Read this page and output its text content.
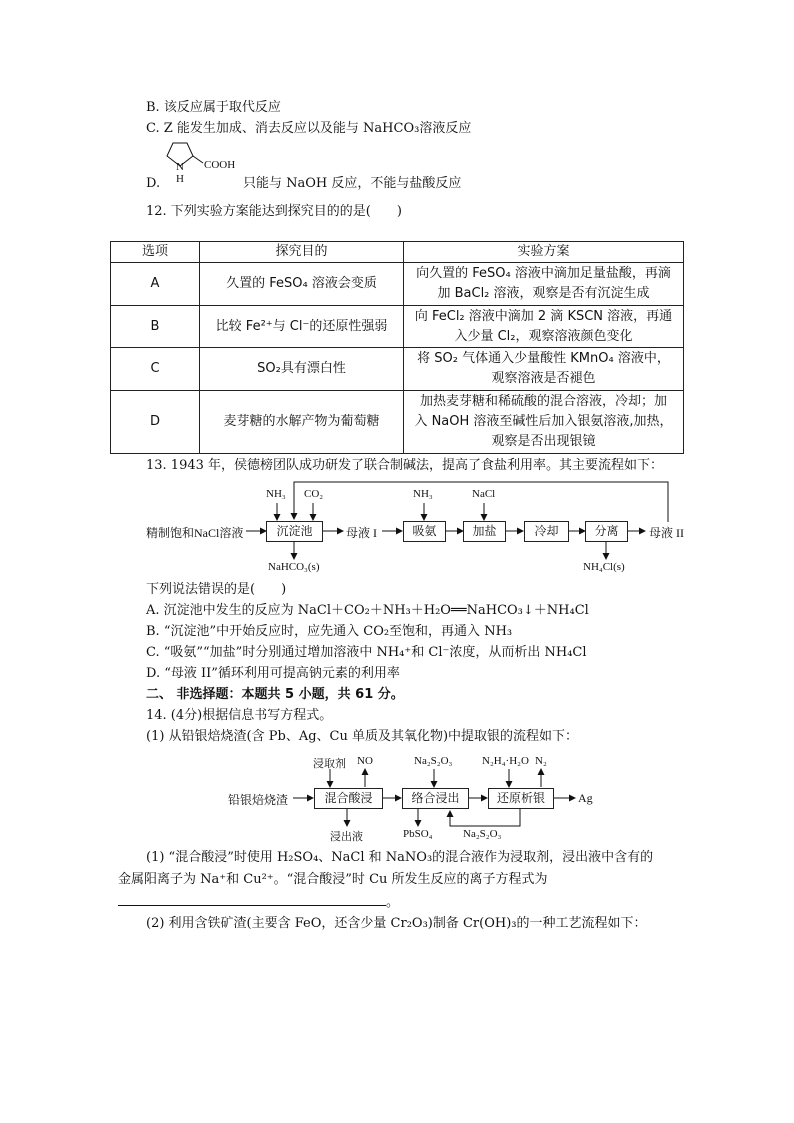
B. 该反应属于取代反应
C. Z 能发生加成、消去反应以及能与 NaHCO₃溶液反应
D.
N
H
COOH
只能与 NaOH 反应，不能与盐酸反应
12. 下列实验方案能达到探究目的的是(　　)
选项	探究目的	实验方案
A	久置的 FeSO₄ 溶液会变质	向久置的 FeSO₄ 溶液中滴加足量盐酸，再滴
加 BaCl₂ 溶液，观察是否有沉淀生成

B	比较 Fe²⁺与 Cl⁻的还原性强弱	向 FeCl₂ 溶液中滴加 2 滴 KSCN 溶液，再通
入少量 Cl₂，观察溶液颜色变化

C	SO₂具有漂白性	将 SO₂ 气体通入少量酸性 KMnO₄ 溶液中，
观察溶液是否褪色

D	麦芽糖的水解产物为葡萄糖	加热麦芽糖和稀硫酸的混合溶液，冷却；加
入 NaOH 溶液至碱性后加入银氨溶液,加热，
观察是否出现银镜
13. 1943 年，侯德榜团队成功研发了联合制碱法，提高了食盐利用率。其主要流程如下：
精制饱和NaCl溶液
NH₃ CO₂
沉淀池
NaHCO₃(s)
母液 I
NH₃
吸氨
NaCl
加盐	冷却	分离
NH₄Cl(s)
母液 II
下列说法错误的是(　　)
A. 沉淀池中发生的反应为 NaCl＋CO₂＋NH₃＋H₂O══NaHCO₃↓＋NH₄Cl
B. “沉淀池”中开始反应时，应先通入 CO₂至饱和，再通入 NH₃
C. “吸氨”“加盐”时分别通过增加溶液中 NH₄⁺和 Cl⁻浓度，从而析出 NH₄Cl
D. “母液 II”循环利用可提高钠元素的利用率
二、 非选择题：本题共 5 小题，共 61 分。
14. (4分)根据信息书写方程式。
(1) 从铅银焙烧渣(含 Pb、Ag、Cu 单质及其氧化物)中提取银的流程如下：
铅银焙烧渣
浸取剂 NO
混合酸浸
浸出液
Na₂S₂O₃
络合浸出
PbSO₄
N₂H₄·H₂O N₂
还原析银	Ag
Na₂S₂O₃
(1) “混合酸浸”时使用 H₂SO₄、NaCl 和 NaNO₃的混合液作为浸取剂，浸出液中含有的
金属阳离子为 Na⁺和 Cu²⁺。“混合酸浸”时 Cu 所发生反应的离子方程式为
。
(2) 利用含铁矿渣(主要含 FeO，还含少量 Cr₂O₃)制备 Cr(OH)₃的一种工艺流程如下：
